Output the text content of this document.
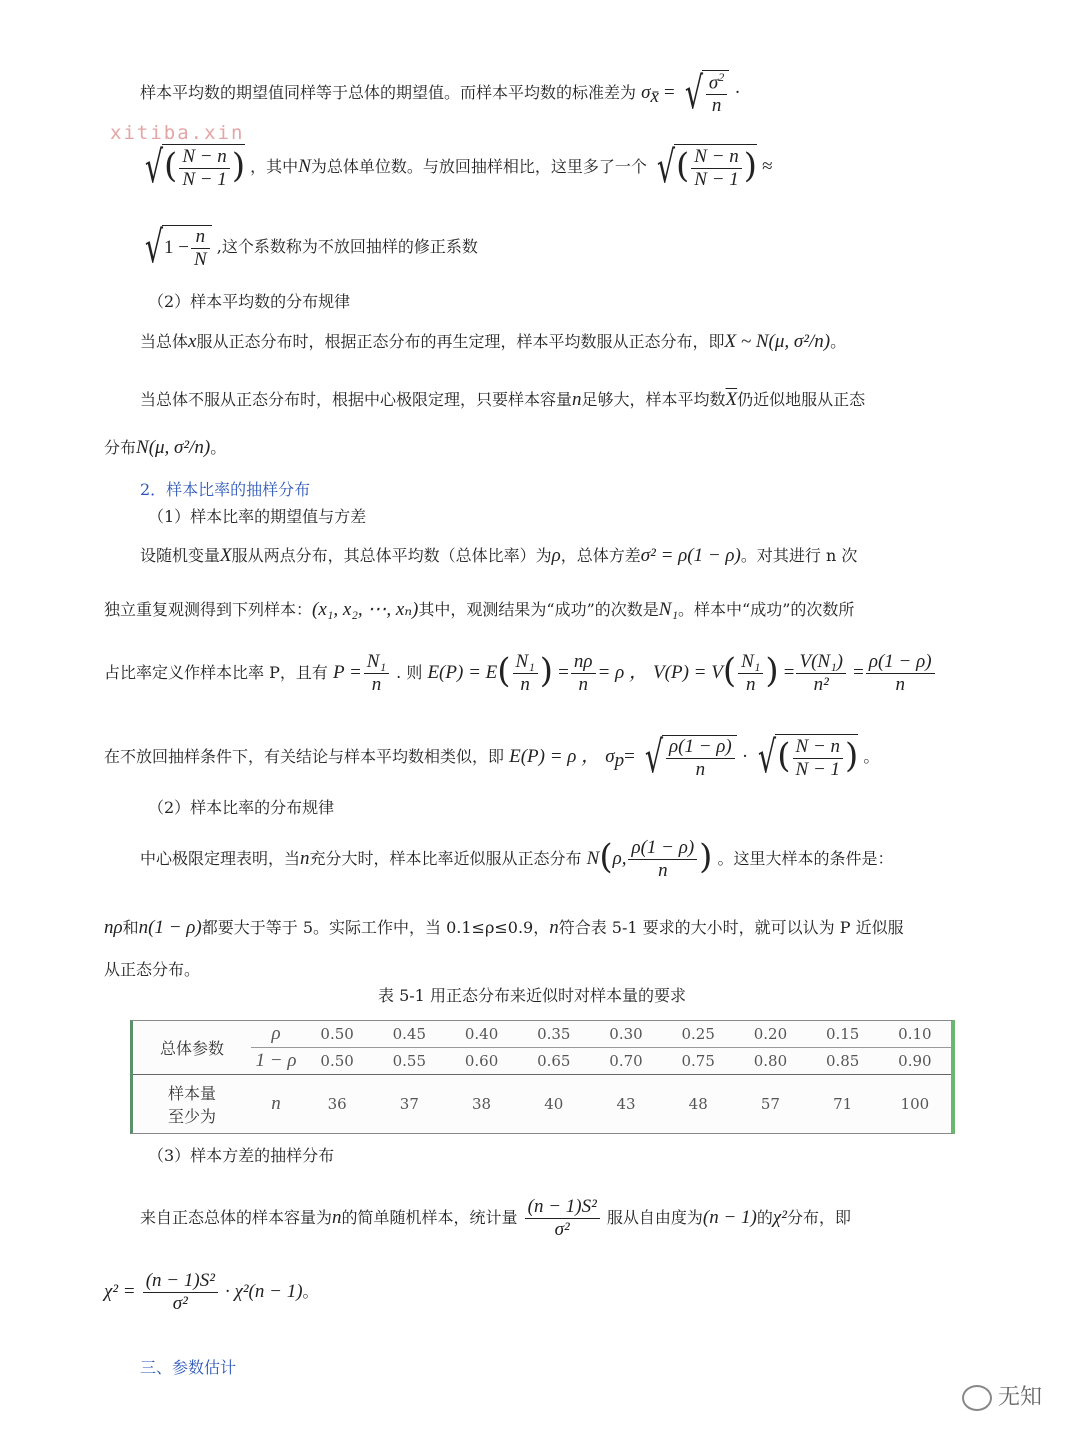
xitiba.xin
样本平均数的期望值同样等于总体的期望值。而样本平均数的标准差为 $\sigma_{x̄}$ = √ $\frac{\sigma^2}{n}$ ·
√( $\frac{N - n}{N - 1}$ ) ，其中N为总体单位数。与放回抽样相比，这里多了一个 √( $\frac{N - n}{N - 1}$ ) ≈
$√1 - \frac{n}{N}$ ,这个系数称为不放回抽样的修正系数
（2）样本平均数的分布规律
当总体x服从正态分布时，根据正态分布的再生定理，样本平均数服从正态分布，即X ~ N(μ, σ²/n)。
当总体不服从正态分布时，根据中心极限定理，只要样本容量n足够大，样本平均数$\overline{X}$仍近似地服从正态
分布N(μ, σ²/n)。
2．样本比率的抽样分布
（1）样本比率的期望值与方差
设随机变量X服从两点分布，其总体平均数（总体比率）为ρ，总体方差σ² = ρ(1 − ρ)。对其进行 n 次
独立重复观测得到下列样本：(x₁, x₂, ⋯, xₙ)其中，观测结果为“成功”的次数是N₁。样本中“成功”的次数所
占比率定义作样本比率 P，且有 $P = \frac{\text{N₁}}{n}$ . 则 $E(P) = E( \frac{\text{N₁}}{n}$ ) = $\frac{n\rho}{n} = \rho$ ， $V(P) = V( \frac{\text{N₁}}{n}$ ) = $\frac{\text{V(N₁)}}{\text{n²}} = \frac{\rho(1 - \rho)}{n}$
在不放回抽样条件下，有关结论与样本平均数相类似，即 E(P) = ρ ， $\sigma_p=$ √ $\frac{\rho(1 - \rho)}{n}$ · √( $\frac{N - n}{N - 1}$ ) 。
（2）样本比率的分布规律
中心极限定理表明，当n充分大时，样本比率近似服从正态分布 N(ρ, $\frac{\rho(1 - \rho)}{n}$ ) 。这里大样本的条件是：
nρ和n(1 − ρ)都要大于等于 5。实际工作中，当 0.1≤ρ≤0.9，n符合表 5-1 要求的大小时，就可以认为 P 近似服
从正态分布。
表 5-1 用正态分布来近似时对样本量的要求
总体参数	ρ	0.50	0.45	0.40	0.35	0.30	0.25	0.20	0.15	0.10
	1 − ρ	0.50	0.55	0.60	0.65	0.70	0.75	0.80	0.85	0.90
样本量
至少为	n	36	37	38	40	43	48	57	71	100
（3）样本方差的抽样分布
来自正态总体的样本容量为n的简单随机样本，统计量 $\frac{\text{(n − 1)S²}}{\text{σ²}}$ 服从自由度为(n − 1)的χ²分布，即
$\chi^2 = \frac{\text{(n − 1)S²}}{\text{σ²}} \cdot \chi^2(n - 1)$。
三、参数估计
无知
